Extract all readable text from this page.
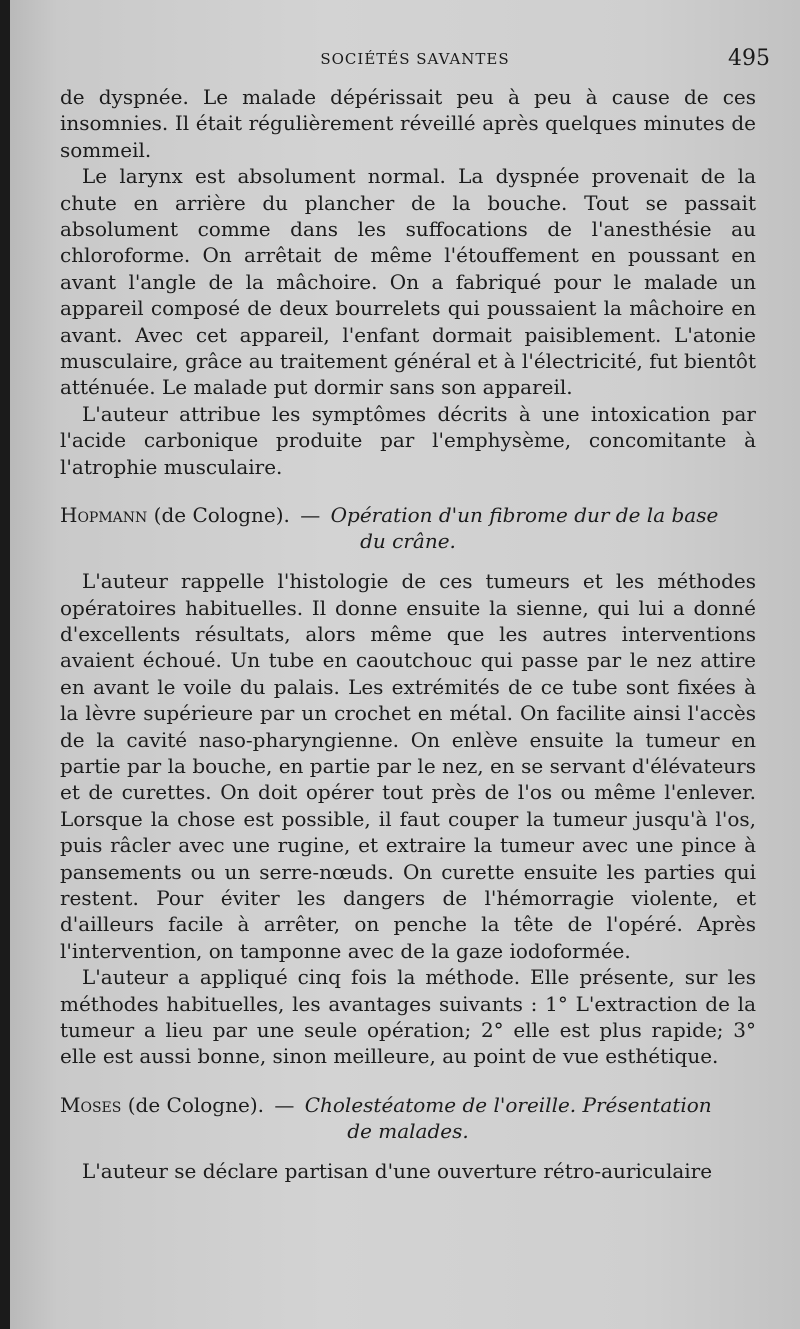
SOCIÉTÉS SAVANTES	495

de dyspnée. Le malade dépérissait peu à peu à cause de ces insomnies. Il était régulièrement réveillé après quelques minutes de sommeil.

Le larynx est absolument normal. La dyspnée provenait de la chute en arrière du plancher de la bouche. Tout se passait absolument comme dans les suffocations de l'anesthésie au chloroforme. On arrêtait de même l'étouffement en poussant en avant l'angle de la mâchoire. On a fabriqué pour le malade un appareil composé de deux bourrelets qui poussaient la mâchoire en avant. Avec cet appareil, l'enfant dormait paisiblement. L'atonie musculaire, grâce au traitement général et à l'électricité, fut bientôt atténuée. Le malade put dormir sans son appareil.

L'auteur attribue les symptômes décrits à une intoxication par l'acide carbonique produite par l'emphysème, concomitante à l'atrophie musculaire.

Hopmann (de Cologne). — Opération d'un fibrome dur de la base
du crâne.

L'auteur rappelle l'histologie de ces tumeurs et les méthodes opératoires habituelles. Il donne ensuite la sienne, qui lui a donné d'excellents résultats, alors même que les autres interventions avaient échoué. Un tube en caoutchouc qui passe par le nez attire en avant le voile du palais. Les extrémités de ce tube sont fixées à la lèvre supérieure par un crochet en métal. On facilite ainsi l'accès de la cavité naso-pharyngienne. On enlève ensuite la tumeur en partie par la bouche, en partie par le nez, en se servant d'élévateurs et de curettes. On doit opérer tout près de l'os ou même l'enlever. Lorsque la chose est possible, il faut couper la tumeur jusqu'à l'os, puis râcler avec une rugine, et extraire la tumeur avec une pince à pansements ou un serre-nœuds. On curette ensuite les parties qui restent. Pour éviter les dangers de l'hémorragie violente, et d'ailleurs facile à arrêter, on penche la tête de l'opéré. Après l'intervention, on tamponne avec de la gaze iodoformée.

L'auteur a appliqué cinq fois la méthode. Elle présente, sur les méthodes habituelles, les avantages suivants : 1° L'extraction de la tumeur a lieu par une seule opération; 2° elle est plus rapide; 3° elle est aussi bonne, sinon meilleure, au point de vue esthétique.

Moses (de Cologne). — Cholestéatome de l'oreille. Présentation
de malades.

L'auteur se déclare partisan d'une ouverture rétro-auriculaire
